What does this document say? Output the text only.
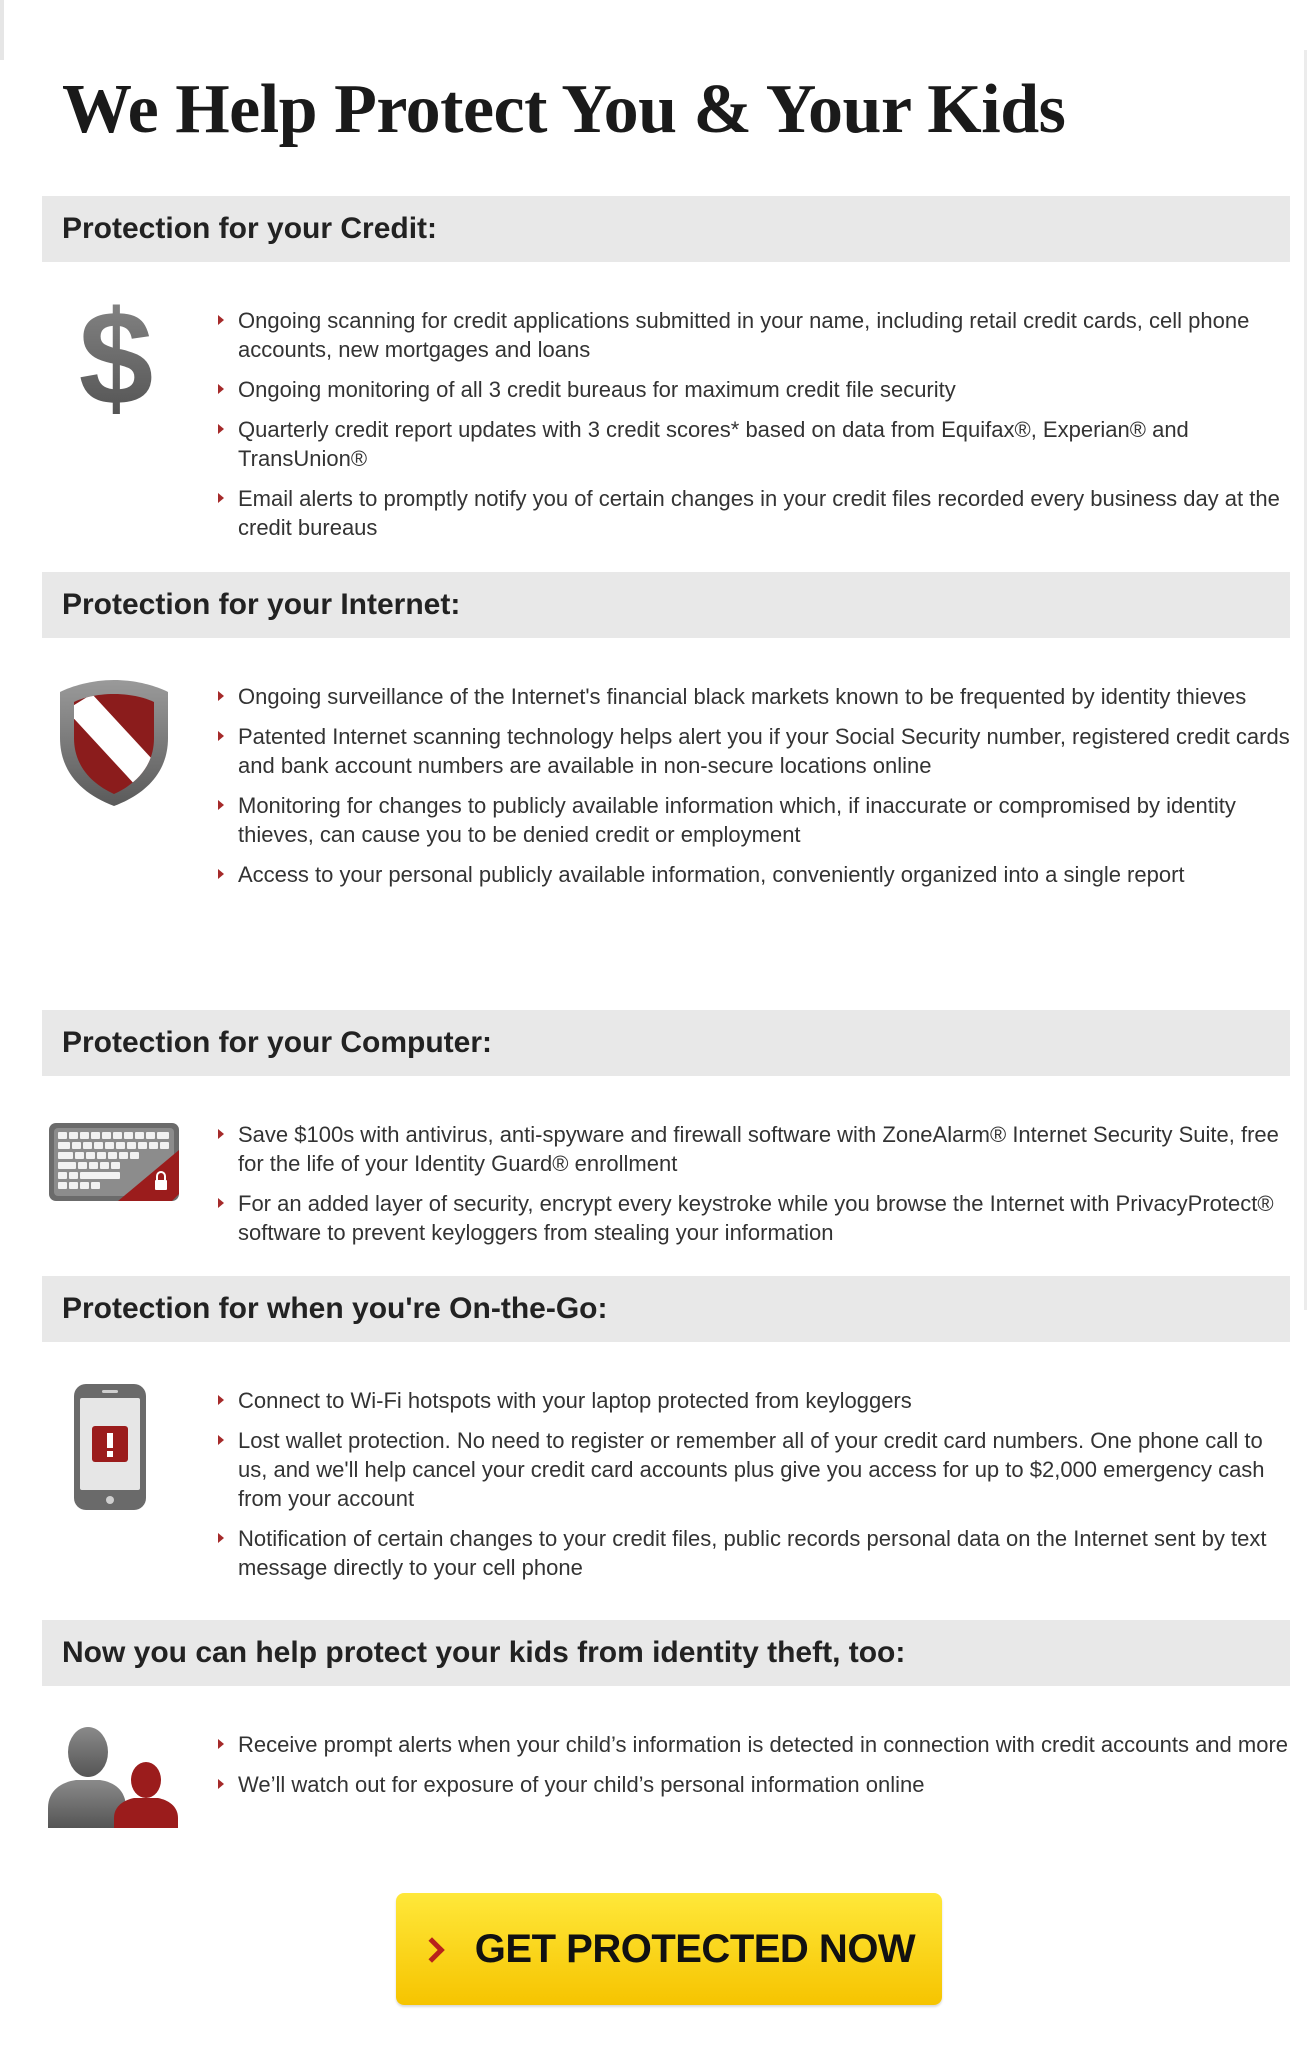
We Help Protect You & Your Kids
Protection for your Credit:
$	Ongoing scanning for credit applications submitted in your name, including retail credit cards, cell phone accounts, new mortgages and loans
Ongoing monitoring of all 3 credit bureaus for maximum credit file security
Quarterly credit report updates with 3 credit scores* based on data from Equifax®, Experian® and TransUnion®
Email alerts to promptly notify you of certain changes in your credit files recorded every business day at the credit bureaus
Protection for your Internet:
Ongoing surveillance of the Internet's financial black markets known to be frequented by identity thieves
Patented Internet scanning technology helps alert you if your Social Security number, registered credit cards and bank account numbers are available in non-secure locations online
Monitoring for changes to publicly available information which, if inaccurate or compromised by identity thieves, can cause you to be denied credit or employment
Access to your personal publicly available information, conveniently organized into a single report
Protection for your Computer:
Save $100s with antivirus, anti-spyware and firewall software with ZoneAlarm® Internet Security Suite, free for the life of your Identity Guard® enrollment
For an added layer of security, encrypt every keystroke while you browse the Internet with PrivacyProtect® software to prevent keyloggers from stealing your information
Protection for when you're On-the-Go:
Connect to Wi-Fi hotspots with your laptop protected from keyloggers
Lost wallet protection. No need to register or remember all of your credit card numbers. One phone call to us, and we'll help cancel your credit card accounts plus give you access for up to $2,000 emergency cash from your account
Notification of certain changes to your credit files, public records personal data on the Internet sent by text message directly to your cell phone
Now you can help protect your kids from identity theft, too:
Receive prompt alerts when your child’s information is detected in connection with credit accounts and more
We’ll watch out for exposure of your child’s personal information online
GET PROTECTED NOW
